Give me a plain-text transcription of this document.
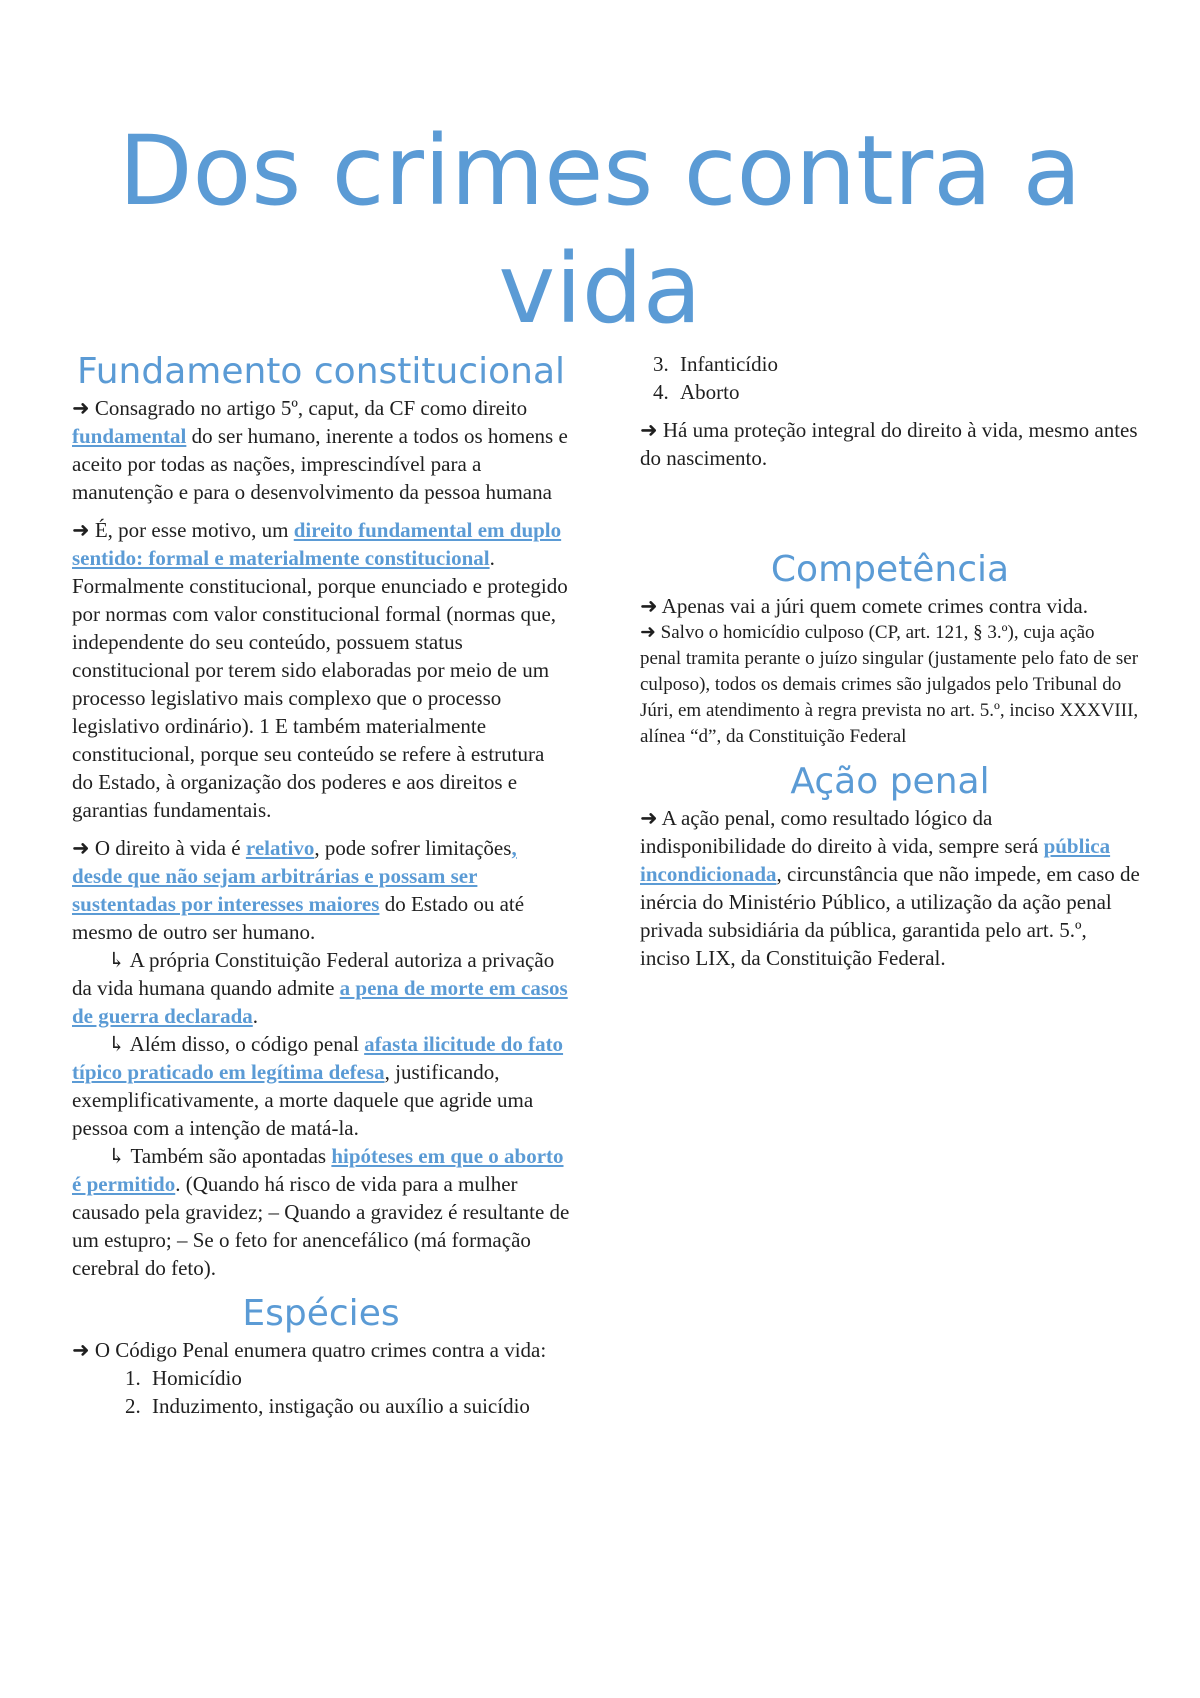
Dos crimes contra a vida
Fundamento constitucional

➜ Consagrado no artigo 5º, caput, da CF como direito fundamental do ser humano, inerente a todos os homens e aceito por todas as nações, imprescindível para a manutenção e para o desenvolvimento da pessoa humana

➜ É, por esse motivo, um direito fundamental em duplo sentido: formal e materialmente constitucional. Formalmente constitucional, porque enunciado e protegido por normas com valor constitucional formal (normas que, independente do seu conteúdo, possuem status constitucional por terem sido elaboradas por meio de um processo legislativo mais complexo que o processo legislativo ordinário). 1 E também materialmente constitucional, porque seu conteúdo se refere à estrutura do Estado, à organização dos poderes e aos direitos e garantias fundamentais.

➜ O direito à vida é relativo, pode sofrer limitações, desde que não sejam arbitrárias e possam ser sustentadas por interesses maiores do Estado ou até mesmo de outro ser humano.

↳ A própria Constituição Federal autoriza a privação da vida humana quando admite a pena de morte em casos de guerra declarada.

↳ Além disso, o código penal afasta ilicitude do fato típico praticado em legítima defesa, justificando, exemplificativamente, a morte daquele que agride uma pessoa com a intenção de matá-la.

↳ Também são apontadas hipóteses em que o aborto é permitido. (Quando há risco de vida para a mulher causado pela gravidez; – Quando a gravidez é resultante de um estupro; – Se o feto for anencefálico (má formação cerebral do feto).

Espécies

➜ O Código Penal enumera quatro crimes contra a vida:

1. Homicídio
2. Induzimento, instigação ou auxílio a suicídio
3. Infanticídio
4. Aborto

➜ Há uma proteção integral do direito à vida, mesmo antes do nascimento.

Competência

➜ Apenas vai a júri quem comete crimes contra vida.

➜ Salvo o homicídio culposo (CP, art. 121, § 3.º), cuja ação penal tramita perante o juízo singular (justamente pelo fato de ser culposo), todos os demais crimes são julgados pelo Tribunal do Júri, em atendimento à regra prevista no art. 5.º, inciso XXXVIII, alínea “d”, da Constituição Federal

Ação penal

➜ A ação penal, como resultado lógico da indisponibilidade do direito à vida, sempre será pública incondicionada, circunstância que não impede, em caso de inércia do Ministério Público, a utilização da ação penal privada subsidiária da pública, garantida pelo art. 5.º, inciso LIX, da Constituição Federal.
